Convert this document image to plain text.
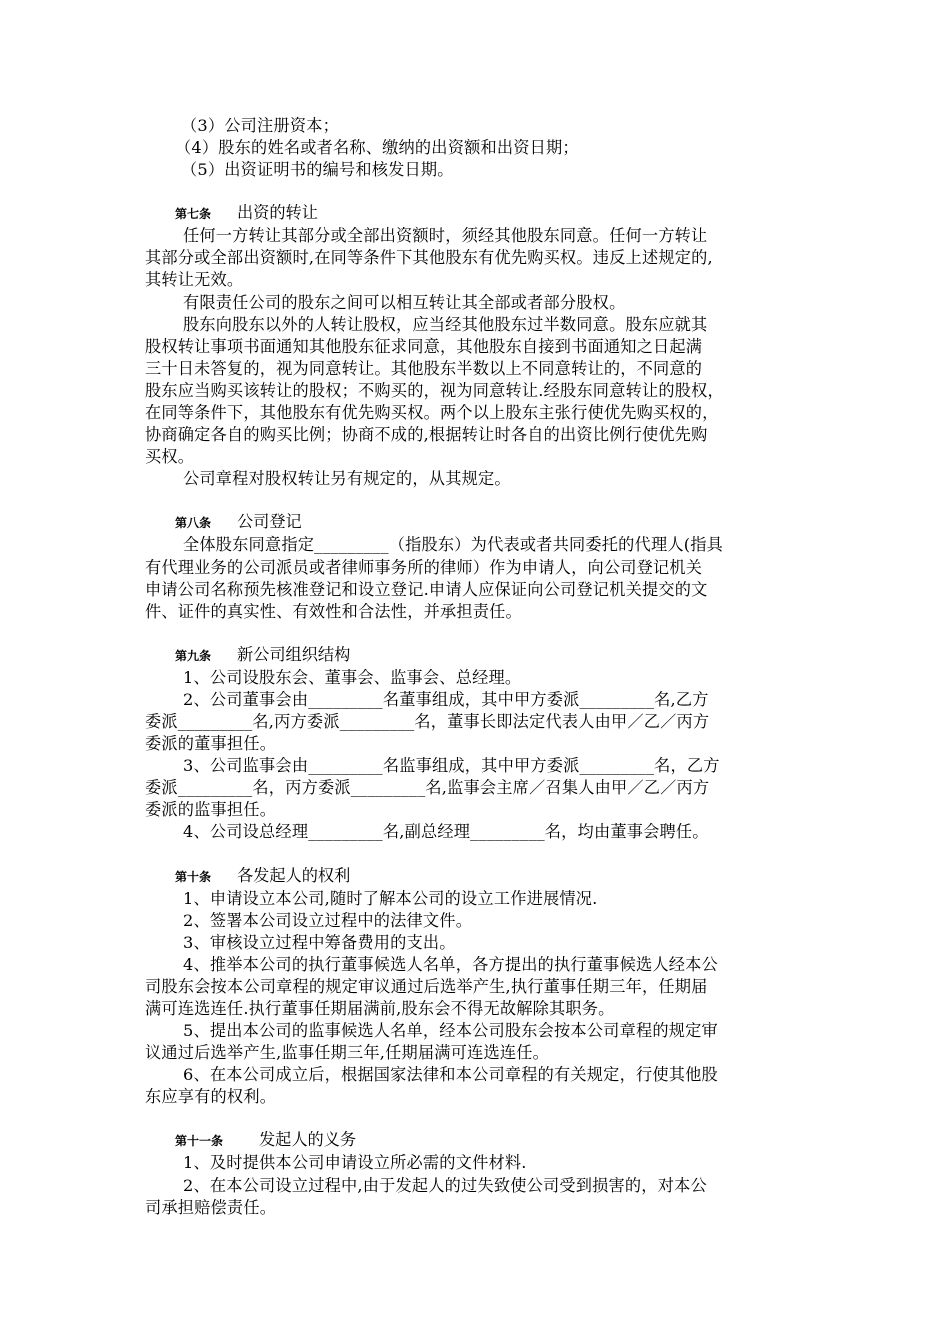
（3）公司注册资本；

（4）股东的姓名或者名称、缴纳的出资额和出资日期；

（5）出资证明书的编号和核发日期。

第七条 出资的转让

任何一方转让其部分或全部出资额时，须经其他股东同意。任何一方转让

其部分或全部出资额时,在同等条件下其他股东有优先购买权。违反上述规定的,

其转让无效。

有限责任公司的股东之间可以相互转让其全部或者部分股权。

股东向股东以外的人转让股权，应当经其他股东过半数同意。股东应就其

股权转让事项书面通知其他股东征求同意，其他股东自接到书面通知之日起满

三十日未答复的，视为同意转让。其他股东半数以上不同意转让的，不同意的

股东应当购买该转让的股权；不购买的，视为同意转让.经股东同意转让的股权，

在同等条件下，其他股东有优先购买权。两个以上股东主张行使优先购买权的，

协商确定各自的购买比例；协商不成的,根据转让时各自的出资比例行使优先购

买权。

公司章程对股权转让另有规定的，从其规定。

第八条 公司登记

全体股东同意指定_________（指股东）为代表或者共同委托的代理人(指具

有代理业务的公司派员或者律师事务所的律师）作为申请人，向公司登记机关

申请公司名称预先核准登记和设立登记.申请人应保证向公司登记机关提交的文

件、证件的真实性、有效性和合法性，并承担责任。

第九条 新公司组织结构

1、公司设股东会、董事会、监事会、总经理。

2、公司董事会由_________名董事组成，其中甲方委派_________名,乙方

委派_________名,丙方委派_________名，董事长即法定代表人由甲／乙／丙方

委派的董事担任。

3、公司监事会由_________名监事组成，其中甲方委派_________名，乙方

委派_________名，丙方委派_________名,监事会主席／召集人由甲／乙／丙方

委派的监事担任。

4、公司设总经理_________名,副总经理_________名，均由董事会聘任。

第十条 各发起人的权利

1、申请设立本公司,随时了解本公司的设立工作进展情况.

2、签署本公司设立过程中的法律文件。

3、审核设立过程中筹备费用的支出。

4、推举本公司的执行董事候选人名单，各方提出的执行董事候选人经本公

司股东会按本公司章程的规定审议通过后选举产生,执行董事任期三年，任期届

满可连选连任.执行董事任期届满前,股东会不得无故解除其职务。

5、提出本公司的监事候选人名单，经本公司股东会按本公司章程的规定审

议通过后选举产生,监事任期三年,任期届满可连选连任。

6、在本公司成立后，根据国家法律和本公司章程的有关规定，行使其他股

东应享有的权利。

第十一条 发起人的义务

1、及时提供本公司申请设立所必需的文件材料.

2、在本公司设立过程中,由于发起人的过失致使公司受到损害的，对本公

司承担赔偿责任。
